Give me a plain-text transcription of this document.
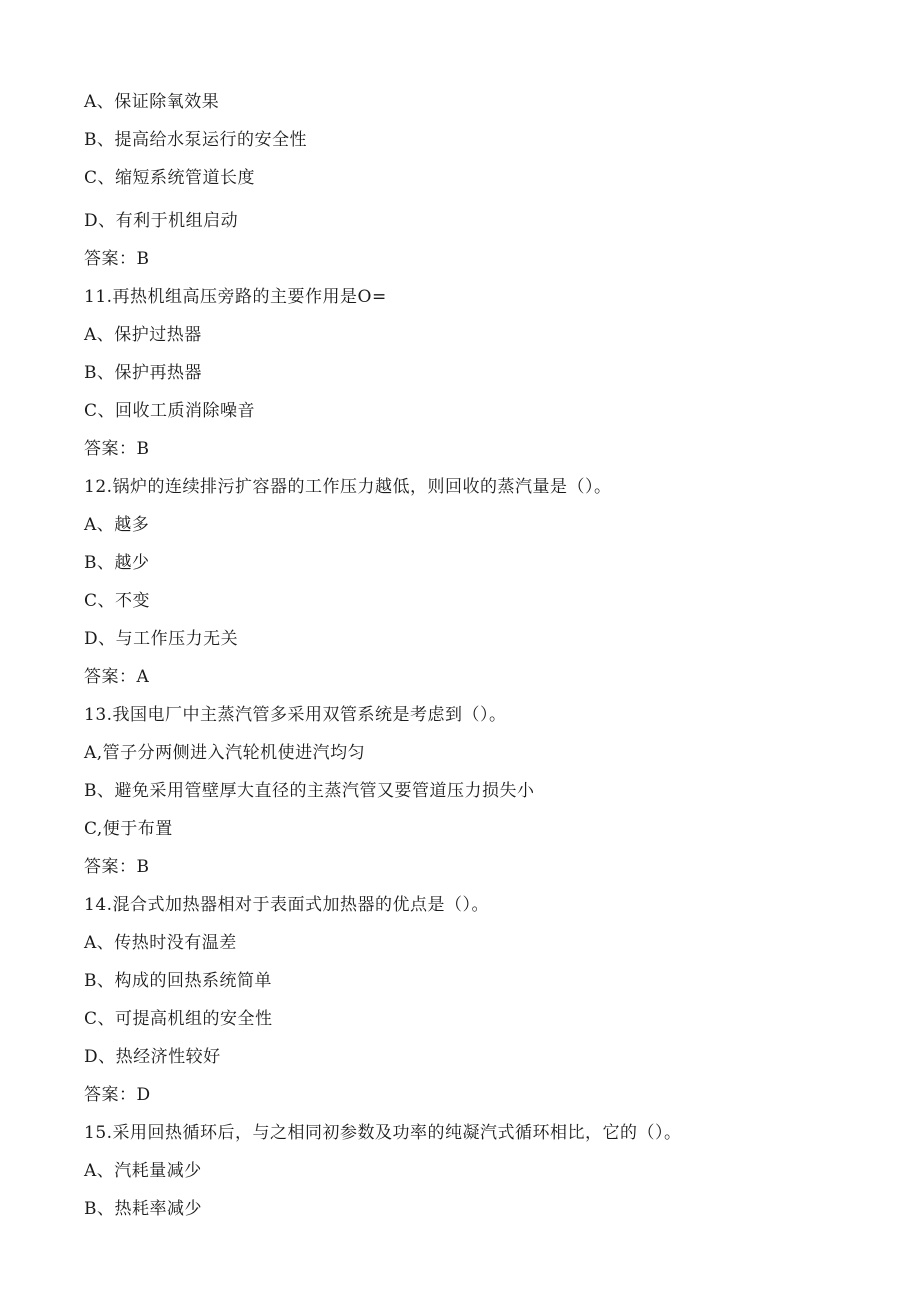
A、保证除氧效果
B、提高给水泵运行的安全性
C、缩短系统管道长度
D、有利于机组启动
答案：B
11.再热机组高压旁路的主要作用是O=
A、保护过热器
B、保护再热器
C、回收工质消除噪音
答案：B
12.锅炉的连续排污扩容器的工作压力越低，则回收的蒸汽量是（）。
A、越多
B、越少
C、不变
D、与工作压力无关
答案：A
13.我国电厂中主蒸汽管多采用双管系统是考虑到（）。
A,管子分两侧进入汽轮机使进汽均匀
B、避免采用管壁厚大直径的主蒸汽管又要管道压力损失小
C,便于布置
答案：B
14.混合式加热器相对于表面式加热器的优点是（）。
A、传热时没有温差
B、构成的回热系统简单
C、可提高机组的安全性
D、热经济性较好
答案：D
15.采用回热循环后，与之相同初参数及功率的纯凝汽式循环相比，它的（）。
A、汽耗量减少
B、热耗率减少
